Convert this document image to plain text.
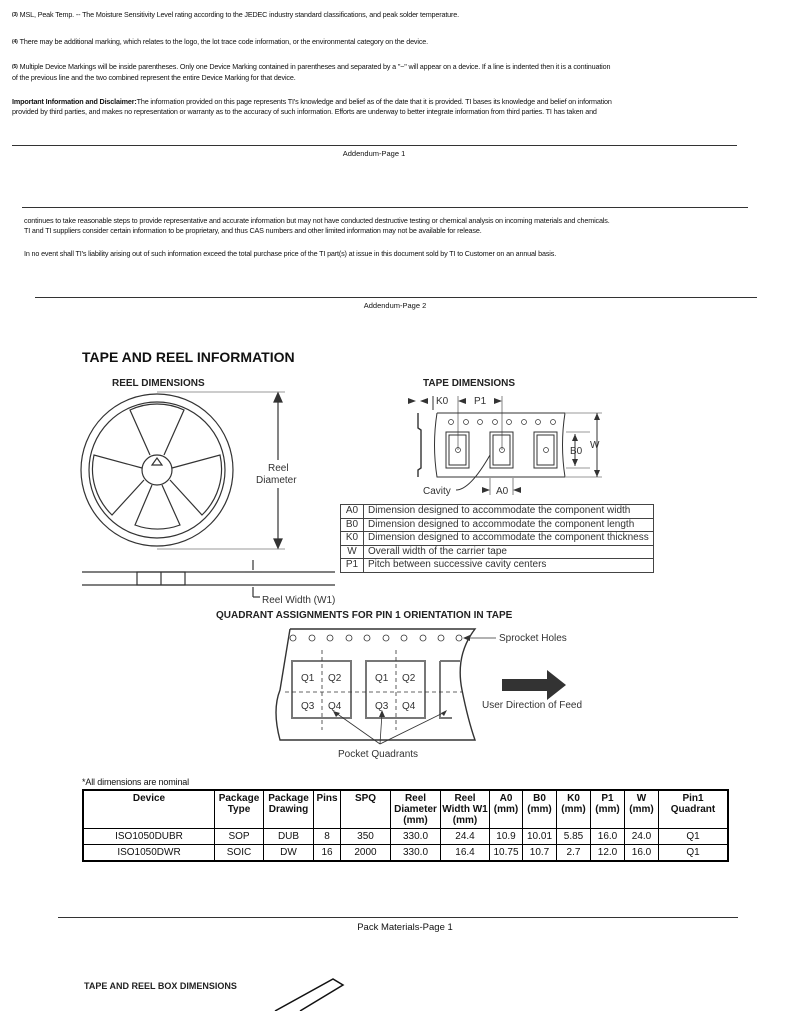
$^{(3)}$ MSL, Peak Temp. -- The Moisture Sensitivity Level rating according to the JEDEC industry standard classifications, and peak solder temperature.
$^{(4)}$ There may be additional marking, which relates to the logo, the lot trace code information, or the environmental category on the device.
$^{(5)}$ Multiple Device Markings will be inside parentheses. Only one Device Marking contained in parentheses and separated by a "~" will appear on a device. If a line is indented then it is a continuation
of the previous line and the two combined represent the entire Device Marking for that device.
Important Information and Disclaimer:The information provided on this page represents TI's knowledge and belief as of the date that it is provided. TI bases its knowledge and belief on information
provided by third parties, and makes no representation or warranty as to the accuracy of such information. Efforts are underway to better integrate information from third parties. TI has taken and
Addendum-Page 1
continues to take reasonable steps to provide representative and accurate information but may not have conducted destructive testing or chemical analysis on incoming materials and chemicals.
TI and TI suppliers consider certain information to be proprietary, and thus CAS numbers and other limited information may not be available for release.
In no event shall TI's liability arising out of such information exceed the total purchase price of the TI part(s) at issue in this document sold by TI to Customer on an annual basis.
Addendum-Page 2
TAPE AND REEL INFORMATION
REEL DIMENSIONS	TAPE DIMENSIONS
Reel
Diameter
Reel Width (W1)
K0	P1
B0
W
A0
Cavity
A0	Dimension designed to accommodate the component width
B0	Dimension designed to accommodate the component length
K0	Dimension designed to accommodate the component thickness
W	Overall width of the carrier tape
P1	Pitch between successive cavity centers
QUADRANT ASSIGNMENTS FOR PIN 1 ORIENTATION IN TAPE
Q1 Q2
Q3 Q4
Q1 Q2
Q3 Q4
Sprocket Holes
User Direction of Feed
Pocket Quadrants
*All dimensions are nominal
Device	Package Type	Package Drawing	Pins	SPQ	Reel Diameter (mm)	Reel Width W1 (mm)	A0 (mm)	B0 (mm)	K0 (mm)	P1 (mm)	W (mm)	Pin1 Quadrant
ISO1050DUBR	SOP	DUB	8	350	330.0	24.4	10.9	10.01	5.85	16.0	24.0	Q1
ISO1050DWR	SOIC	DW	16	2000	330.0	16.4	10.75	10.7	2.7	12.0	16.0	Q1
Pack Materials-Page 1
TAPE AND REEL BOX DIMENSIONS
